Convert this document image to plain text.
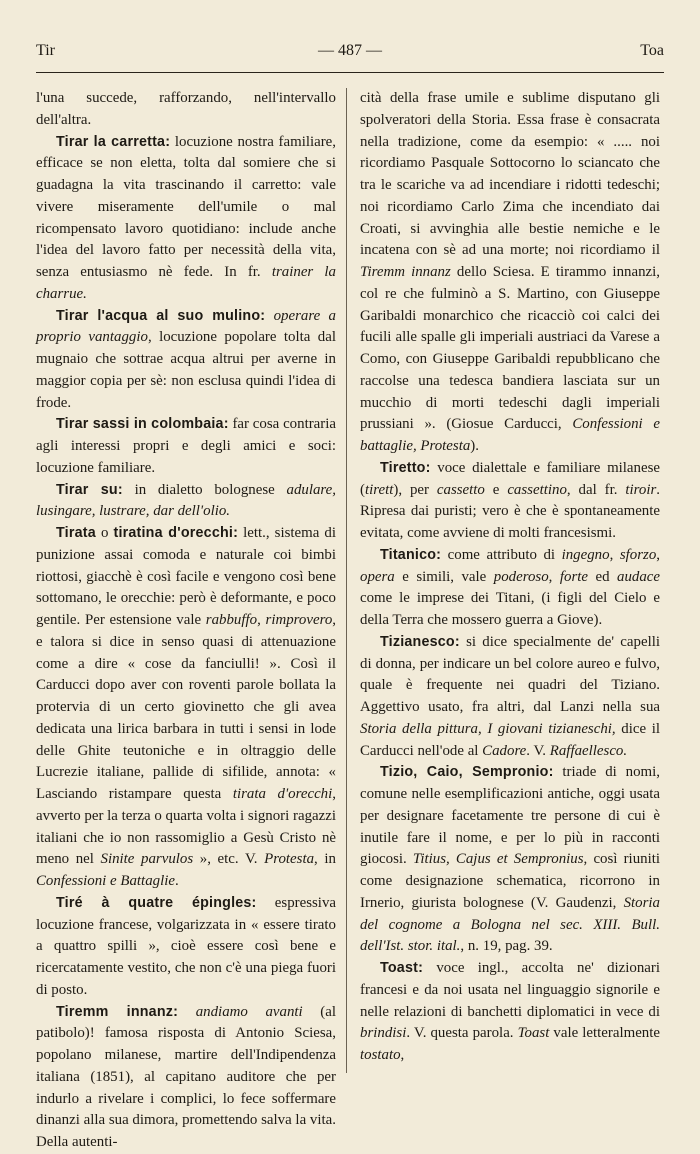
Tir	— 487 —	Toa

l'una succede, rafforzando, nell'intervallo dell'altra.

Tirar la carretta: locuzione nostra familiare, efficace se non eletta, tolta dal somiere che si guadagna la vita trascinando il carretto: vale vivere miseramente dell'umile o mal ricompensato lavoro quotidiano: include anche l'idea del lavoro fatto per necessità della vita, senza entusiasmo nè fede. In fr. trainer la charrue.

Tirar l'acqua al suo mulino: operare a proprio vantaggio, locuzione popolare tolta dal mugnaio che sottrae acqua altrui per averne in maggior copia per sè: non esclusa quindi l'idea di frode.

Tirar sassi in colombaia: far cosa contraria agli interessi propri e degli amici e soci: locuzione familiare.

Tirar su: in dialetto bolognese adulare, lusingare, lustrare, dar dell'olio.

Tirata o tiratina d'orecchi: lett., sistema di punizione assai comoda e naturale coi bimbi riottosi, giacchè è così facile e vengono così bene sottomano, le orecchie: però è deformante, e poco gentile. Per estensione vale rabbuffo, rimprovero, e talora si dice in senso quasi di attenuazione come a dire « cose da fanciulli! ». Così il Carducci dopo aver con roventi parole bollata la protervia di un certo giovinetto che gli avea dedicata una lirica barbara in tutti i sensi in lode delle Ghite teutoniche e in oltraggio delle Lucrezie italiane, pallide di sifilide, annota: « Lasciando ristampare questa tirata d'orecchi, avverto per la terza o quarta volta i signori ragazzi italiani che io non rassomiglio a Gesù Cristo nè meno nel Sinite parvulos », etc. V. Protesta, in Confessioni e Battaglie.

Tiré à quatre épingles: espressiva locuzione francese, volgarizzata in « essere tirato a quattro spilli », cioè essere così bene e ricercatamente vestito, che non c'è una piega fuori di posto.

Tiremm innanz: andiamo avanti (al patibolo)! famosa risposta di Antonio Sciesa, popolano milanese, martire dell'Indipendenza italiana (1851), al capitano auditore che per indurlo a rivelare i complici, lo fece soffermare dinanzi alla sua dimora, promettendo salva la vita. Della autenti-

cità della frase umile e sublime disputano gli spolveratori della Storia. Essa frase è consacrata nella tradizione, come da esempio: « ..... noi ricordiamo Pasquale Sottocorno lo sciancato che tra le scariche va ad incendiare i ridotti tedeschi; noi ricordiamo Carlo Zima che incendiato dai Croati, si avvinghia alle bestie nemiche e le incatena con sè ad una morte; noi ricordiamo il Tiremm innanz dello Sciesa. E tirammo innanzi, col re che fulminò a S. Martino, con Giuseppe Garibaldi monarchico che ricacciò coi calci dei fucili alle spalle gli imperiali austriaci da Varese a Como, con Giuseppe Garibaldi repubblicano che raccolse una tedesca bandiera lasciata sur un mucchio di morti tedeschi dagli imperiali prussiani ». (Giosue Carducci, Confessioni e battaglie, Protesta).

Tiretto: voce dialettale e familiare milanese (tirett), per cassetto e cassettino, dal fr. tiroir. Ripresa dai puristi; vero è che è spontaneamente evitata, come avviene di molti francesismi.

Titanico: come attributo di ingegno, sforzo, opera e simili, vale poderoso, forte ed audace come le imprese dei Titani, (i figli del Cielo e della Terra che mossero guerra a Giove).

Tizianesco: si dice specialmente de' capelli di donna, per indicare un bel colore aureo e fulvo, quale è frequente nei quadri del Tiziano. Aggettivo usato, fra altri, dal Lanzi nella sua Storia della pittura, I giovani tizianeschi, dice il Carducci nell'ode al Cadore. V. Raffaellesco.

Tizio, Caio, Sempronio: triade di nomi, comune nelle esemplificazioni antiche, oggi usata per designare facetamente tre persone di cui è inutile fare il nome, e per lo più in racconti giocosi. Titius, Cajus et Sempronius, così riuniti come designazione schematica, ricorrono in Irnerio, giurista bolognese (V. Gaudenzi, Storia del cognome a Bologna nel sec. XIII. Bull. dell'Ist. stor. ital., n. 19, pag. 39.

Toast: voce ingl., accolta ne' dizionari francesi e da noi usata nel linguaggio signorile e nelle relazioni di banchetti diplomatici in vece di brindisi. V. questa parola. Toast vale letteralmente tostato,
